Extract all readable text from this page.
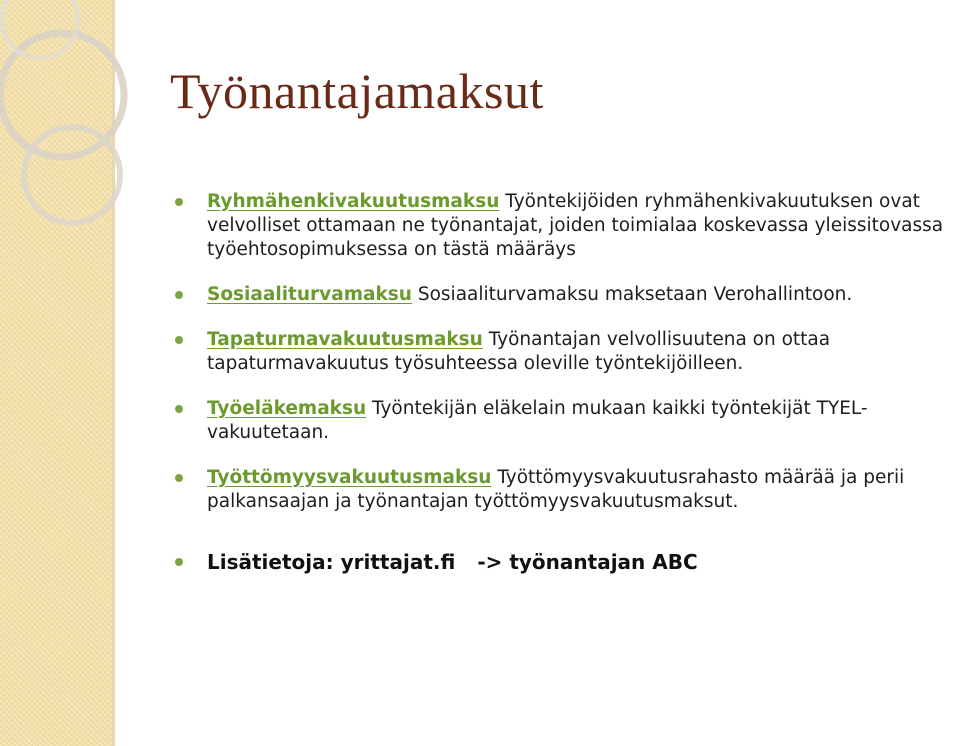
Työnantajamaksut
Ryhmähenkivakuutusmaksu Työntekijöiden ryhmähenkivakuutuksen ovat velvolliset ottamaan ne työnantajat, joiden toimialaa koskevassa yleissitovassa työehtosopimuksessa on tästä määräys
Sosiaaliturvamaksu Sosiaaliturvamaksu maksetaan Verohallintoon.
Tapaturmavakuutusmaksu Työnantajan velvollisuutena on ottaa tapaturmavakuutus työsuhteessa oleville työntekijöilleen.
Työeläkemaksu Työntekijän eläkelain mukaan kaikki työntekijät TYEL-vakuutetaan.
Työttömyysvakuutusmaksu Työttömyysvakuutusrahasto määrää ja perii palkansaajan ja työnantajan työttömyysvakuutusmaksut.
Lisätietoja: yrittajat.fi -> työnantajan ABC
